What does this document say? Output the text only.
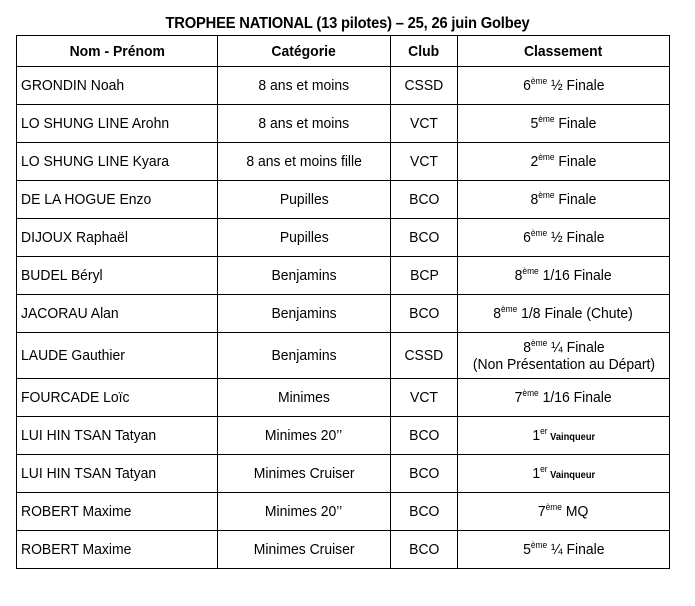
TROPHEE NATIONAL (13 pilotes) – 25, 26 juin Golbey
Nom - Prénom	Catégorie	Club	Classement
GRONDIN Noah	8 ans et moins	CSSD	6ème ½ Finale
LO SHUNG LINE Arohn	8 ans et moins	VCT	5ème Finale
LO SHUNG LINE Kyara	8 ans et moins fille	VCT	2ème Finale
DE LA HOGUE Enzo	Pupilles	BCO	8ème Finale
DIJOUX Raphaël	Pupilles	BCO	6ème ½ Finale
BUDEL Béryl	Benjamins	BCP	8ème 1/16 Finale
JACORAU Alan	Benjamins	BCO	8ème 1/8 Finale (Chute)
LAUDE Gauthier	Benjamins	CSSD	8ème ¼ Finale
(Non Présentation au Départ)

FOURCADE Loïc	Minimes	VCT	7ème 1/16 Finale
LUI HIN TSAN Tatyan	Minimes 20’’	BCO	1er Vainqueur
LUI HIN TSAN Tatyan	Minimes Cruiser	BCO	1er Vainqueur
ROBERT Maxime	Minimes 20’’	BCO	7ème MQ
ROBERT Maxime	Minimes Cruiser	BCO	5ème ¼ Finale
